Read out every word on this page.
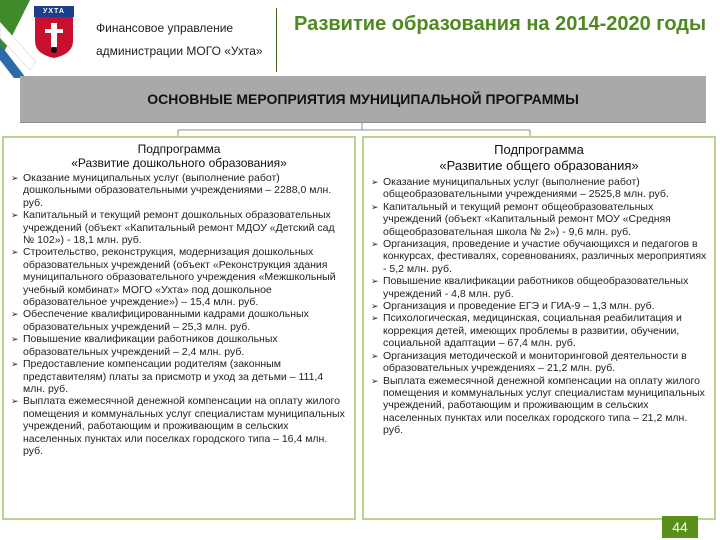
УХТА
Финансовое управление
администрации МОГО «Ухта»
Развитие образования на 2014-2020 годы
ОСНОВНЫЕ МЕРОПРИЯТИЯ МУНИЦИПАЛЬНОЙ ПРОГРАММЫ
Подпрограмма
«Развитие дошкольного образования»
➢ Оказание муниципальных услуг (выполнение работ) дошкольными образовательными учреждениями – 2288,0 млн. руб.
➢ Капитальный и текущий ремонт дошкольных образовательных учреждений (объект «Капитальный ремонт МДОУ «Детский сад № 102») - 18,1 млн. руб.
➢ Строительство, реконструкция, модернизация дошкольных образовательных учреждений (объект «Реконструкция здания муниципального образовательного учреждения «Межшкольный учебный комбинат» МОГО «Ухта» под дошкольное образовательное учреждение») – 15,4 млн. руб.
➢ Обеспечение квалифицированными кадрами дошкольных образовательных учреждений – 25,3 млн. руб.
➢ Повышение квалификации работников дошкольных образовательных учреждений – 2,4 млн. руб.
➢ Предоставление компенсации родителям (законным представителям) платы за присмотр и уход за детьми – 111,4 млн. руб.
➢ Выплата ежемесячной денежной компенсации на оплату жилого помещения и коммунальных услуг специалистам муниципальных учреждений, работающим и проживающим в сельских населенных пунктах или поселках городского типа – 16,4 млн. руб.
Подпрограмма
«Развитие общего образования»
➢ Оказание муниципальных услуг (выполнение работ) общеобразовательными учреждениями – 2525,8 млн. руб.
➢ Капитальный и текущий ремонт общеобразовательных учреждений (объект «Капитальный ремонт МОУ «Средняя общеобразовательная школа № 2») - 9,6 млн. руб.
➢ Организация, проведение и участие обучающихся и педагогов в конкурсах, фестивалях, соревнованиях, различных мероприятиях - 5,2 млн. руб.
➢ Повышение квалификации работников общеобразовательных учреждений - 4,8 млн. руб.
➢ Организация и проведение ЕГЭ и ГИА-9 – 1,3 млн. руб.
➢ Психологическая, медицинская, социальная реабилитация и коррекция детей, имеющих проблемы в развитии, обучении, социальной адаптации – 67,4 млн. руб.
➢ Организация методической и мониторинговой деятельности в образовательных учреждениях – 21,2 млн. руб.
➢ Выплата ежемесячной денежной компенсации на оплату жилого помещения и коммунальных услуг специалистам муниципальных учреждений, работающим и проживающим в сельских населенных пунктах или поселках городского типа – 21,2 млн. руб.
44
